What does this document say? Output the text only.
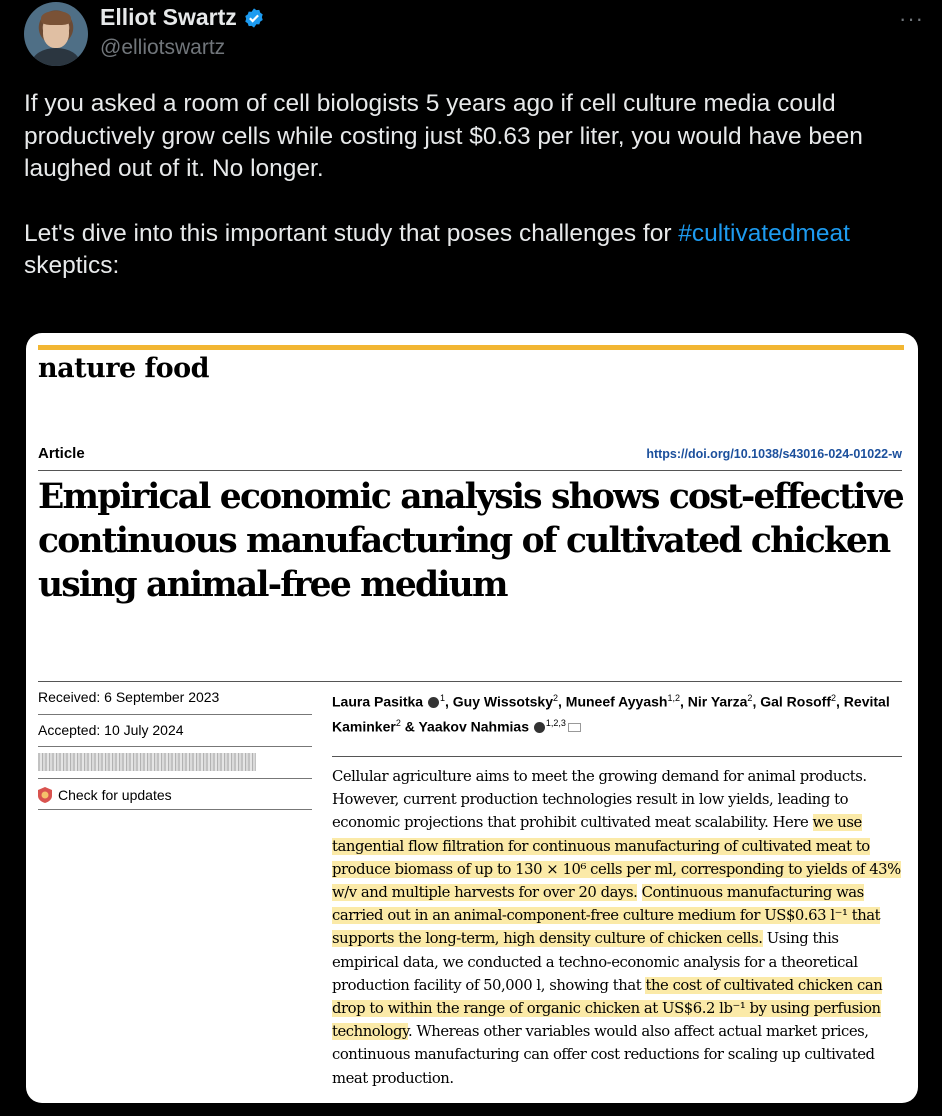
Elliot Swartz
@elliotswartz
···

If you asked a room of cell biologists 5 years ago if cell culture media could productively grow cells while costing just $0.63 per liter, you would have been laughed out of it. No longer.

Let's dive into this important study that poses challenges for #cultivatedmeat skeptics:

nature food
Article	https://doi.org/10.1038/s43016-024-01022-w
Empirical economic analysis shows cost-effective continuous manufacturing of cultivated chicken using animal-free medium
Received: 6 September 2023
Accepted: 10 July 2024
Check for updates
Laura Pasitka $^1$, Guy Wissotsky$^2$, Muneef Ayyash$^{1,2}$, Nir Yarza$^2$, Gal Rosoff$^2$, Revital Kaminker$^2$ & Yaakov Nahmias $^{1,2,3}$
Cellular agriculture aims to meet the growing demand for animal products. However, current production technologies result in low yields, leading to economic projections that prohibit cultivated meat scalability. Here we use tangential flow filtration for continuous manufacturing of cultivated meat to produce biomass of up to 130 × 10⁶ cells per ml, corresponding to yields of 43% w/v and multiple harvests for over 20 days. Continuous manufacturing was carried out in an animal-component-free culture medium for US$0.63 l⁻¹ that supports the long-term, high density culture of chicken cells. Using this empirical data, we conducted a techno-economic analysis for a theoretical production facility of 50,000 l, showing that the cost of cultivated chicken can drop to within the range of organic chicken at US$6.2 lb⁻¹ by using perfusion technology. Whereas other variables would also affect actual market prices, continuous manufacturing can offer cost reductions for scaling up cultivated meat production.
